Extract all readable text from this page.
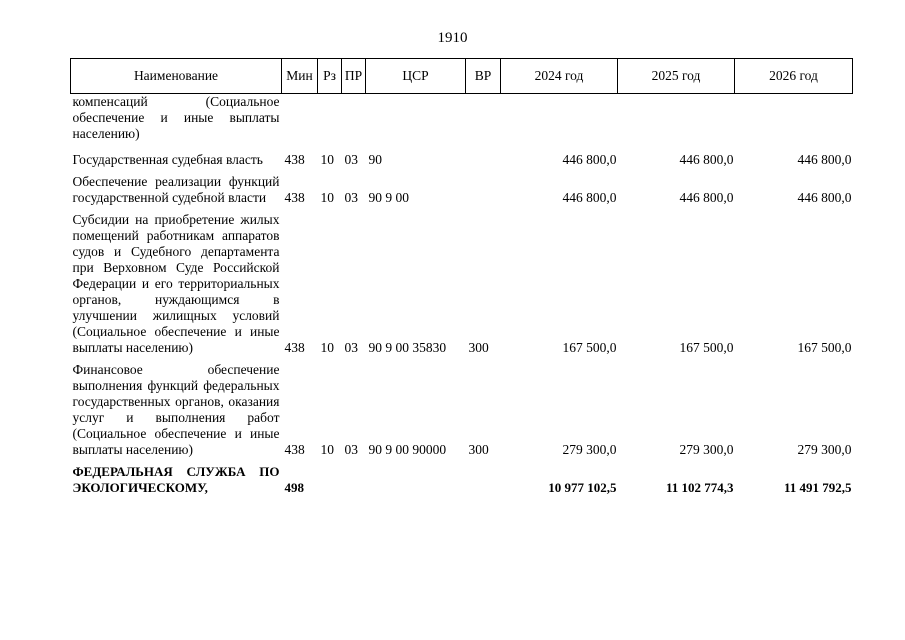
1910
Наименование	Мин	Рз	ПР	ЦСР	ВР	2024 год	2025 год	2026 год
компенсаций (Социальное обеспечение и иные выплаты населению)								
Государственная судебная власть	438	10	03	90		446 800,0	446 800,0	446 800,0
Обеспечение реализации функций государственной судебной власти	438	10	03	90 9 00		446 800,0	446 800,0	446 800,0
Субсидии на приобретение жилых помещений работникам аппаратов судов и Судебного департамента при Верховном Суде Российской Федерации и его территориальных органов, нуждающимся в улучшении жилищных условий (Социальное обеспечение и иные выплаты населению)	438	10	03	90 9 00 35830	300	167 500,0	167 500,0	167 500,0
Финансовое обеспечение выполнения функций федеральных государственных органов, оказания услуг и выполнения работ (Социальное обеспечение и иные выплаты населению)	438	10	03	90 9 00 90000	300	279 300,0	279 300,0	279 300,0
ФЕДЕРАЛЬНАЯ СЛУЖБА ПО ЭКОЛОГИЧЕСКОМУ,	498					10 977 102,5	11 102 774,3	11 491 792,5
